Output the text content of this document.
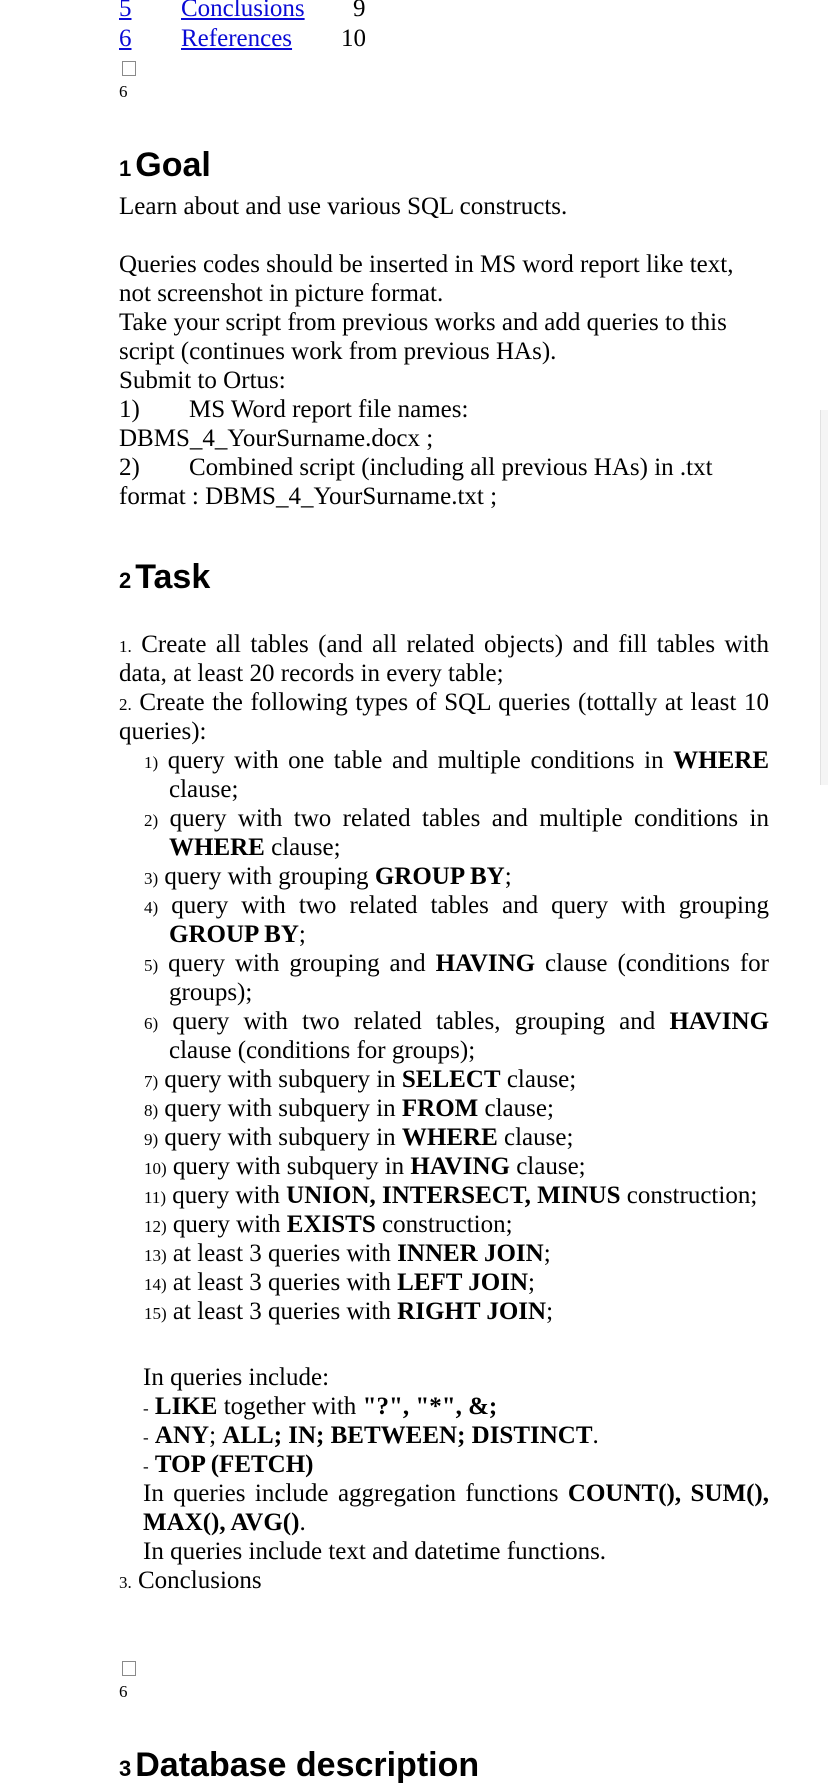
5 Conclusions 9
6 References 10
6
1 Goal
Learn about and use various SQL constructs.
Queries codes should be inserted in MS word report like text,
not screenshot in picture format.
Take your script from previous works and add queries to this
script (continues work from previous HAs).
Submit to Ortus:
1) MS Word report file names:
DBMS_4_YourSurname.docx ;
2) Combined script (including all previous HAs) in .txt
format : DBMS_4_YourSurname.txt ;
2 Task
1. Create all tables (and all related objects) and fill tables with
data, at least 20 records in every table;
2. Create the following types of SQL queries (tottally at least 10
queries):
1) query with one table and multiple conditions in WHERE
clause;
2) query with two related tables and multiple conditions in
WHERE clause;
3) query with grouping GROUP BY;
4) query with two related tables and query with grouping
GROUP BY;
5) query with grouping and HAVING clause (conditions for
groups);
6) query with two related tables, grouping and HAVING
clause (conditions for groups);
7) query with subquery in SELECT clause;
8) query with subquery in FROM clause;
9) query with subquery in WHERE clause;
10) query with subquery in HAVING clause;
11) query with UNION, INTERSECT, MINUS construction;
12) query with EXISTS construction;
13) at least 3 queries with INNER JOIN;
14) at least 3 queries with LEFT JOIN;
15) at least 3 queries with RIGHT JOIN;
In queries include:
- LIKE together with "?", "*", &;
- ANY; ALL; IN; BETWEEN; DISTINCT.
- TOP (FETCH)
In queries include aggregation functions COUNT(), SUM(),
MAX(), AVG().
In queries include text and datetime functions.
3. Conclusions
6
3 Database description
